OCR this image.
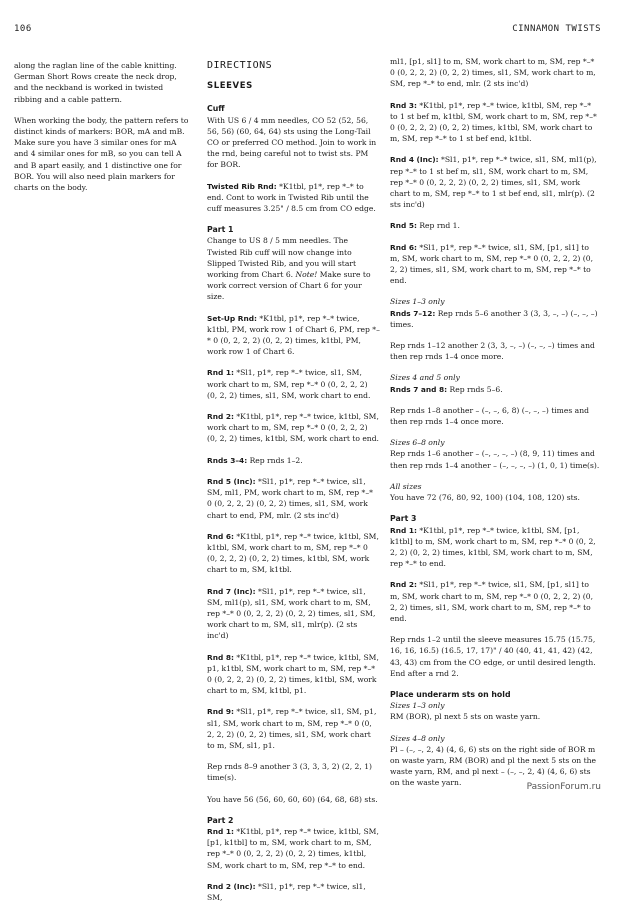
106	CINNAMON TWISTS

along the raglan line of the cable knitting. German Short Rows create the neck drop, and the neckband is worked in twisted ribbing and a cable pattern.

When working the body, the pattern refers to distinct kinds of markers: BOR, mA and mB. Make sure you have 3 similar ones for mA and 4 similar ones for mB, so you can tell A and B apart easily, and 1 distinctive one for BOR. You will also need plain markers for charts on the body.

DIRECTIONS
SLEEVES
Cuff

With US 6 / 4 mm needles, CO 52 (52, 56, 56, 56) (60, 64, 64) sts using the Long-Tail CO or preferred CO method. Join to work in the rnd, being careful not to twist sts. PM for BOR.

Twisted Rib Rnd: *K1tbl, p1*, rep *–* to end. Cont to work in Twisted Rib until the cuff measures 3.25" / 8.5 cm from CO edge.

Part 1

Change to US 8 / 5 mm needles. The Twisted Rib cuff will now change into Slipped Twisted Rib, and you will start working from Chart 6. Note! Make sure to work correct version of Chart 6 for your size.

Set-Up Rnd: *K1tbl, p1*, rep *–* twice, k1tbl, PM, work row 1 of Chart 6, PM, rep *–* 0 (0, 2, 2, 2) (0, 2, 2) times, k1tbl, PM, work row 1 of Chart 6.

Rnd 1: *Sl1, p1*, rep *–* twice, sl1, SM, work chart to m, SM, rep *–* 0 (0, 2, 2, 2) (0, 2, 2) times, sl1, SM, work chart to end.

Rnd 2: *K1tbl, p1*, rep *–* twice, k1tbl, SM, work chart to m, SM, rep *–* 0 (0, 2, 2, 2) (0, 2, 2) times, k1tbl, SM, work chart to end.

Rnds 3–4: Rep rnds 1–2.

Rnd 5 (Inc): *Sl1, p1*, rep *–* twice, sl1, SM, ml1, PM, work chart to m, SM, rep *–* 0 (0, 2, 2, 2) (0, 2, 2) times, sl1, SM, work chart to end, PM, mlr. (2 sts inc'd)

Rnd 6: *K1tbl, p1*, rep *–* twice, k1tbl, SM, k1tbl, SM, work chart to m, SM, rep *–* 0 (0, 2, 2, 2) (0, 2, 2) times, k1tbl, SM, work chart to m, SM, k1tbl.

Rnd 7 (Inc): *Sl1, p1*, rep *–* twice, sl1, SM, ml1(p), sl1, SM, work chart to m, SM, rep *–* 0 (0, 2, 2, 2) (0, 2, 2) times, sl1, SM, work chart to m, SM, sl1, mlr(p). (2 sts inc'd)

Rnd 8: *K1tbl, p1*, rep *–* twice, k1tbl, SM, p1, k1tbl, SM, work chart to m, SM, rep *–* 0 (0, 2, 2, 2) (0, 2, 2) times, k1tbl, SM, work chart to m, SM, k1tbl, p1.

Rnd 9: *Sl1, p1*, rep *–* twice, sl1, SM, p1, sl1, SM, work chart to m, SM, rep *–* 0 (0, 2, 2, 2) (0, 2, 2) times, sl1, SM, work chart to m, SM, sl1, p1.

Rep rnds 8–9 another 3 (3, 3, 3, 2) (2, 2, 1) time(s).

You have 56 (56, 60, 60, 60) (64, 68, 68) sts.

Part 2

Rnd 1: *K1tbl, p1*, rep *–* twice, k1tbl, SM, [p1, k1tbl] to m, SM, work chart to m, SM, rep *–* 0 (0, 2, 2, 2) (0, 2, 2) times, k1tbl, SM, work chart to m, SM, rep *–* to end.

Rnd 2 (Inc): *Sl1, p1*, rep *–* twice, sl1, SM,

ml1, [p1, sl1] to m, SM, work chart to m, SM, rep *–* 0 (0, 2, 2, 2) (0, 2, 2) times, sl1, SM, work chart to m, SM, rep *–* to end, mlr. (2 sts inc'd)

Rnd 3: *K1tbl, p1*, rep *–* twice, k1tbl, SM, rep *–* to 1 st bef m, k1tbl, SM, work chart to m, SM, rep *–* 0 (0, 2, 2, 2) (0, 2, 2) times, k1tbl, SM, work chart to m, SM, rep *–* to 1 st bef end, k1tbl.

Rnd 4 (Inc): *Sl1, p1*, rep *–* twice, sl1, SM, ml1(p), rep *–* to 1 st bef m, sl1, SM, work chart to m, SM, rep *–* 0 (0, 2, 2, 2) (0, 2, 2) times, sl1, SM, work chart to m, SM, rep *–* to 1 st bef end, sl1, mlr(p). (2 sts inc'd)

Rnd 5: Rep rnd 1.

Rnd 6: *Sl1, p1*, rep *–* twice, sl1, SM, [p1, sl1] to m, SM, work chart to m, SM, rep *–* 0 (0, 2, 2, 2) (0, 2, 2) times, sl1, SM, work chart to m, SM, rep *–* to end.

Sizes 1–3 only

Rnds 7–12: Rep rnds 5–6 another 3 (3, 3, –, –) (–, –, –) times.

Rep rnds 1–12 another 2 (3, 3, –, –) (–, –, –) times and then rep rnds 1–4 once more.

Sizes 4 and 5 only

Rnds 7 and 8: Rep rnds 5–6.

Rep rnds 1–8 another – (–, –, 6, 8) (–, –, –) times and then rep rnds 1–4 once more.

Sizes 6–8 only

Rep rnds 1–6 another – (–, –, –, –) (8, 9, 11) times and then rep rnds 1–4 another – (–, –, –, –) (1, 0, 1) time(s).

All sizes

You have 72 (76, 80, 92, 100) (104, 108, 120) sts.

Part 3

Rnd 1: *K1tbl, p1*, rep *–* twice, k1tbl, SM, [p1, k1tbl] to m, SM, work chart to m, SM, rep *–* 0 (0, 2, 2, 2) (0, 2, 2) times, k1tbl, SM, work chart to m, SM, rep *–* to end.

Rnd 2: *Sl1, p1*, rep *–* twice, sl1, SM, [p1, sl1] to m, SM, work chart to m, SM, rep *–* 0 (0, 2, 2, 2) (0, 2, 2) times, sl1, SM, work chart to m, SM, rep *–* to end.

Rep rnds 1–2 until the sleeve measures 15.75 (15.75, 16, 16, 16.5) (16.5, 17, 17)" / 40 (40, 41, 41, 42) (42, 43, 43) cm from the CO edge, or until desired length. End after a rnd 2.

Place underarm sts on hold
Sizes 1–3 only

RM (BOR), pl next 5 sts on waste yarn.

Sizes 4–8 only

Pl – (–, –, 2, 4) (4, 6, 6) sts on the right side of BOR m on waste yarn, RM (BOR) and pl the next 5 sts on the waste yarn, RM, and pl next – (–, –, 2, 4) (4, 6, 6) sts on the waste yarn.	PassionForum.ru
